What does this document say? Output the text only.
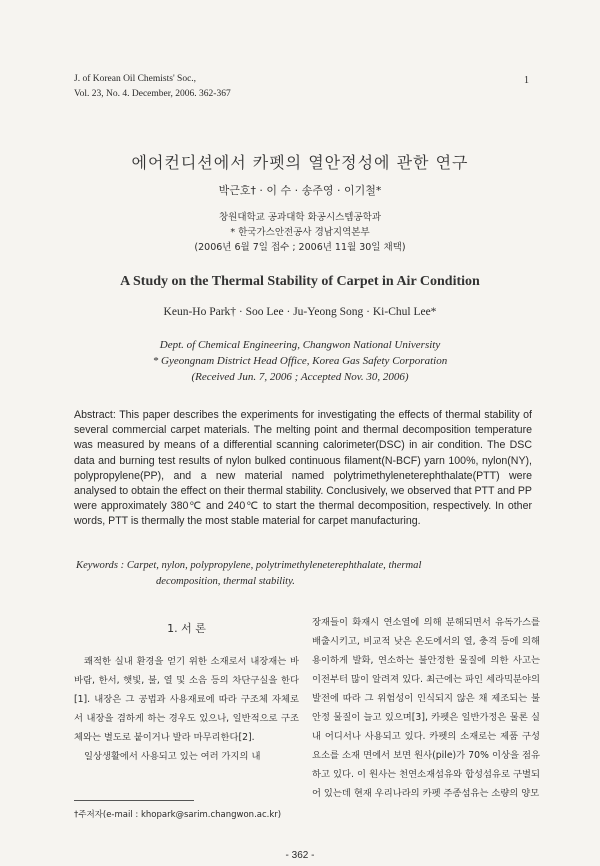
J. of Korean Oil Chemists' Soc.,
Vol. 23, No. 4. December, 2006. 362-367
1
에어컨디션에서 카펫의 열안정성에 관한 연구
박근호† · 이 수 · 송주영 · 이기철*
창원대학교 공과대학 화공시스템공학과
* 한국가스안전공사 경남지역본부
(2006년 6월 7일 접수 ; 2006년 11월 30일 채택)
A Study on the Thermal Stability of Carpet in Air Condition
Keun-Ho Park† · Soo Lee · Ju-Yeong Song · Ki-Chul Lee*
Dept. of Chemical Engineering, Changwon National University
* Gyeongnam District Head Office, Korea Gas Safety Corporation
(Received Jun. 7, 2006 ; Accepted Nov. 30, 2006)
Abstract: This paper describes the experiments for investigating the effects of thermal stability of several commercial carpet materials. The melting point and thermal decomposition temperature was measured by means of a differential scanning calorimeter(DSC) in air condition. The DSC data and burning test results of nylon bulked continuous filament(N-BCF) yarn 100%, nylon(NY), polypropylene(PP), and a new material named polytrimethyleneterephthalate(PTT) were analysed to obtain the effect on their thermal stability. Conclusively, we observed that PTT and PP were approximately 380℃ and 240℃ to start the thermal decomposition, respectively. In other words, PTT is thermally the most stable material for carpet manufacturing.
Keywords : Carpet, nylon, polypropylene, polytrimethyleneterephthalate, thermal
decomposition, thermal stability.

1. 서 론

쾌적한 실내 환경을 얻기 위한 소재로서 내장재는 바바람, 한서, 햇빛, 불, 열 및 소음 등의 차단구실을 한다[1]. 내장은 그 공법과 사용재료에 따라 구조체 자체로서 내장을 겸하게 하는 경우도 있으나, 일반적으로 구조체와는 별도로 붙이거나 발라 마무리한다[2].

일상생활에서 사용되고 있는 여러 가지의 내

장재들이 화재시 연소열에 의해 분해되면서 유독가스를 배출시키고, 비교적 낮은 온도에서의 열, 충격 등에 의해 용이하게 발화, 연소하는 불안정한 물질에 의한 사고는 이전부터 많이 알려져 있다. 최근에는 파인 세라믹분야의 발전에 따라 그 위험성이 인식되지 않은 채 제조되는 불안정 물질이 늘고 있으며[3], 카펫은 일반가정은 물론 실내 어디서나 사용되고 있다. 카펫의 소재로는 제품 구성요소를 소재 면에서 보면 원사(pile)가 70% 이상을 점유하고 있다. 이 원사는 천연소재섬유와 합성섬유로 구별되어 있는데 현재 우리나라의 카펫 주종섬유는 소량의 양모

†주저자(e-mail : khopark@sarim.changwon.ac.kr)
- 362 -
